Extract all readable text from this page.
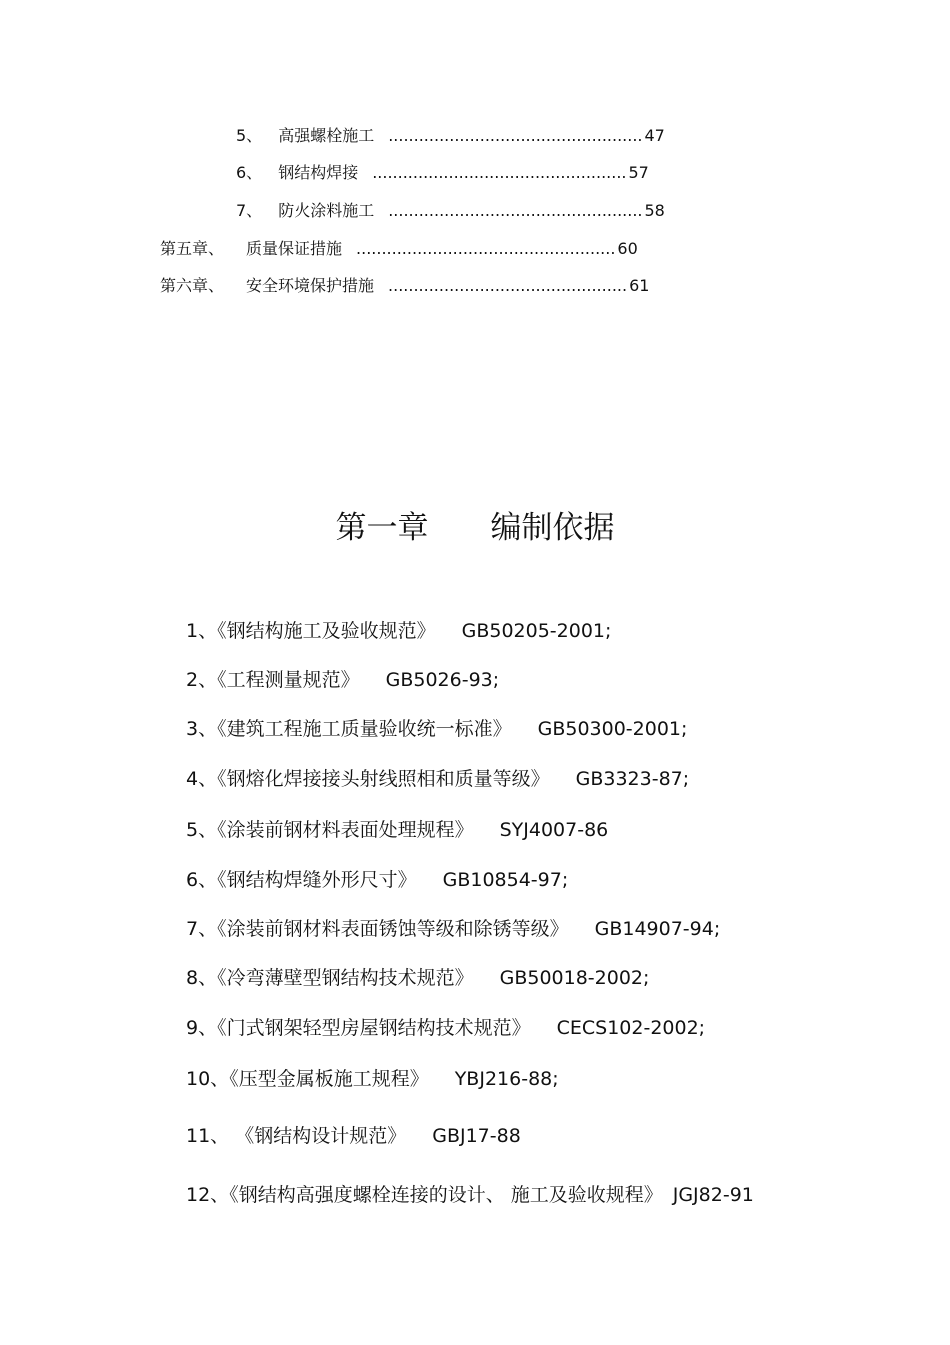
5、 高强螺栓施工 .................................................. 47
6、 钢结构焊接 .................................................. 57
7、 防火涂料施工 .................................................. 58
第五章、 质量保证措施 ................................................... 60
第六章、 安全环境保护措施 ............................................... 61
第一章 编制依据
1、《钢结构施工及验收规范》 GB50205-2001;
2、《工程测量规范》 GB5026-93;
3、《建筑工程施工质量验收统一标准》 GB50300-2001;
4、《钢熔化焊接接头射线照相和质量等级》 GB3323-87;
5、《涂装前钢材料表面处理规程》 SYJ4007-86
6、《钢结构焊缝外形尺寸》 GB10854-97;
7、《涂装前钢材料表面锈蚀等级和除锈等级》 GB14907-94;
8、《冷弯薄壁型钢结构技术规范》 GB50018-2002;
9、《门式钢架轻型房屋钢结构技术规范》 CECS102-2002;
10、《压型金属板施工规程》 YBJ216-88;
11、 《钢结构设计规范》 GBJ17-88
12、《钢结构高强度螺栓连接的设计、 施工及验收规程》 JGJ82-91
